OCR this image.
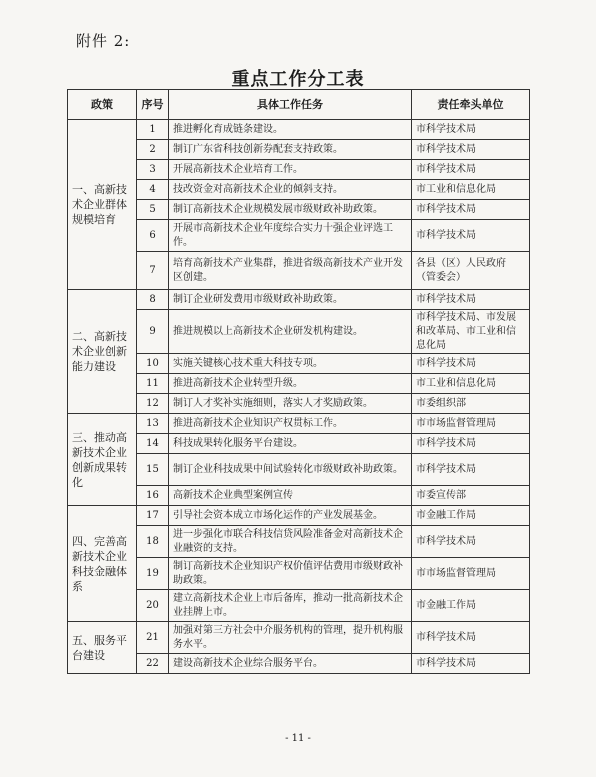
附件 2:
重点工作分工表
政策	序号	具体工作任务	责任牵头单位
一、高新技术企业群体规模培育	1	推进孵化育成链条建设。	市科学技术局
	2	制订广东省科技创新券配套支持政策。	市科学技术局
	3	开展高新技术企业培育工作。	市科学技术局
	4	技改资金对高新技术企业的倾斜支持。	市工业和信息化局
	5	制订高新技术企业规模发展市级财政补助政策。	市科学技术局
	6	开展市高新技术企业年度综合实力十强企业评选工作。	市科学技术局
	7	培育高新技术产业集群，推进省级高新技术产业开发区创建。	各县（区）人民政府（管委会）
二、高新技术企业创新能力建设	8	制订企业研发费用市级财政补助政策。	市科学技术局
	9	推进规模以上高新技术企业研发机构建设。	市科学技术局、市发展和改革局、市工业和信息化局
	10	实施关键核心技术重大科技专项。	市科学技术局
	11	推进高新技术企业转型升级。	市工业和信息化局
	12	制订人才奖补实施细则，落实人才奖励政策。	市委组织部
三、推动高新技术企业创新成果转化	13	推进高新技术企业知识产权贯标工作。	市市场监督管理局
	14	科技成果转化服务平台建设。	市科学技术局
	15	制订企业科技成果中间试验转化市级财政补助政策。	市科学技术局
	16	高新技术企业典型案例宣传	市委宣传部
四、完善高新技术企业科技金融体系	17	引导社会资本成立市场化运作的产业发展基金。	市金融工作局
	18	进一步强化市联合科技信贷风险准备金对高新技术企业融资的支持。	市科学技术局
	19	制订高新技术企业知识产权价值评估费用市级财政补助政策。	市市场监督管理局
	20	建立高新技术企业上市后备库，推动一批高新技术企业挂牌上市。	市金融工作局
五、服务平台建设	21	加强对第三方社会中介服务机构的管理，提升机构服务水平。	市科学技术局
	22	建设高新技术企业综合服务平台。	市科学技术局
- 11 -
